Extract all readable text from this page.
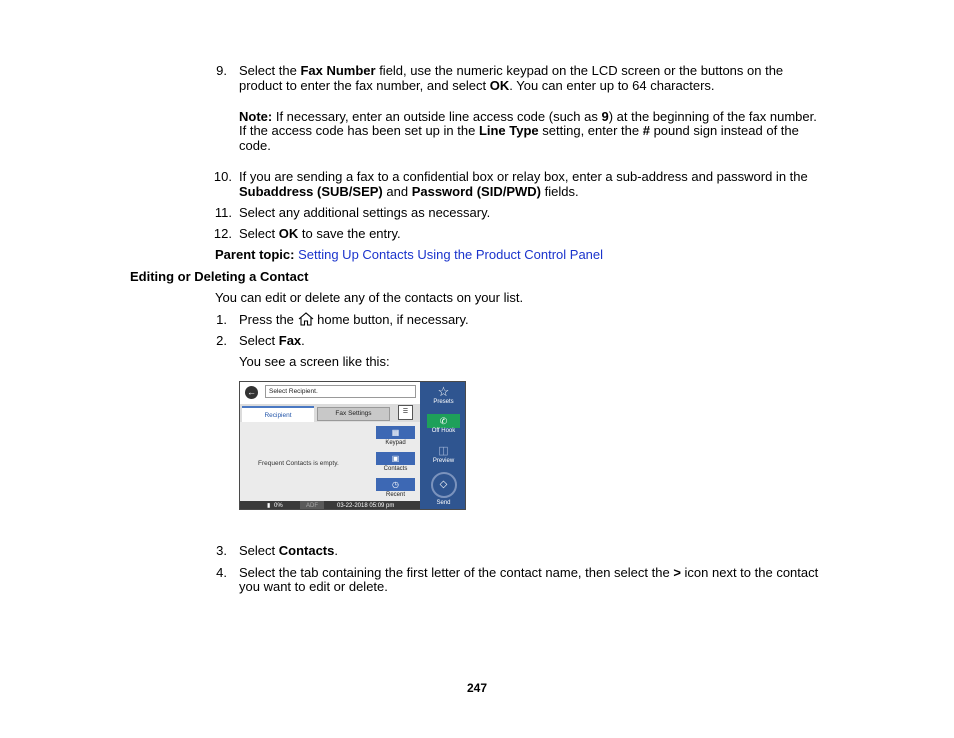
9. Select the Fax Number field, use the numeric keypad on the LCD screen or the buttons on the
product to enter the fax number, and select OK. You can enter up to 64 characters.
Note: If necessary, enter an outside line access code (such as 9) at the beginning of the fax number.
If the access code has been set up in the Line Type setting, enter the # pound sign instead of the
code.
10. If you are sending a fax to a confidential box or relay box, enter a sub-address and password in the
Subaddress (SUB/SEP) and Password (SID/PWD) fields.
11. Select any additional settings as necessary.
12. Select OK to save the entry.
Parent topic: Setting Up Contacts Using the Product Control Panel
Editing or Deleting a Contact
You can edit or delete any of the contacts on your list.
1. Press the  home button, if necessary.
2. Select Fax.
You see a screen like this:
←	Select Recipient.
Recipient	Fax Settings	☰
Frequent Contacts is empty.
▦
Keypad
▣
Contacts
◷
Recent
▮ 0%	ADF	03-22-2018 05:09 pm
☆
Presets
✆
Off Hook
◫
Preview
◇
Send
3. Select Contacts.
4. Select the tab containing the first letter of the contact name, then select the > icon next to the contact
you want to edit or delete.
247
